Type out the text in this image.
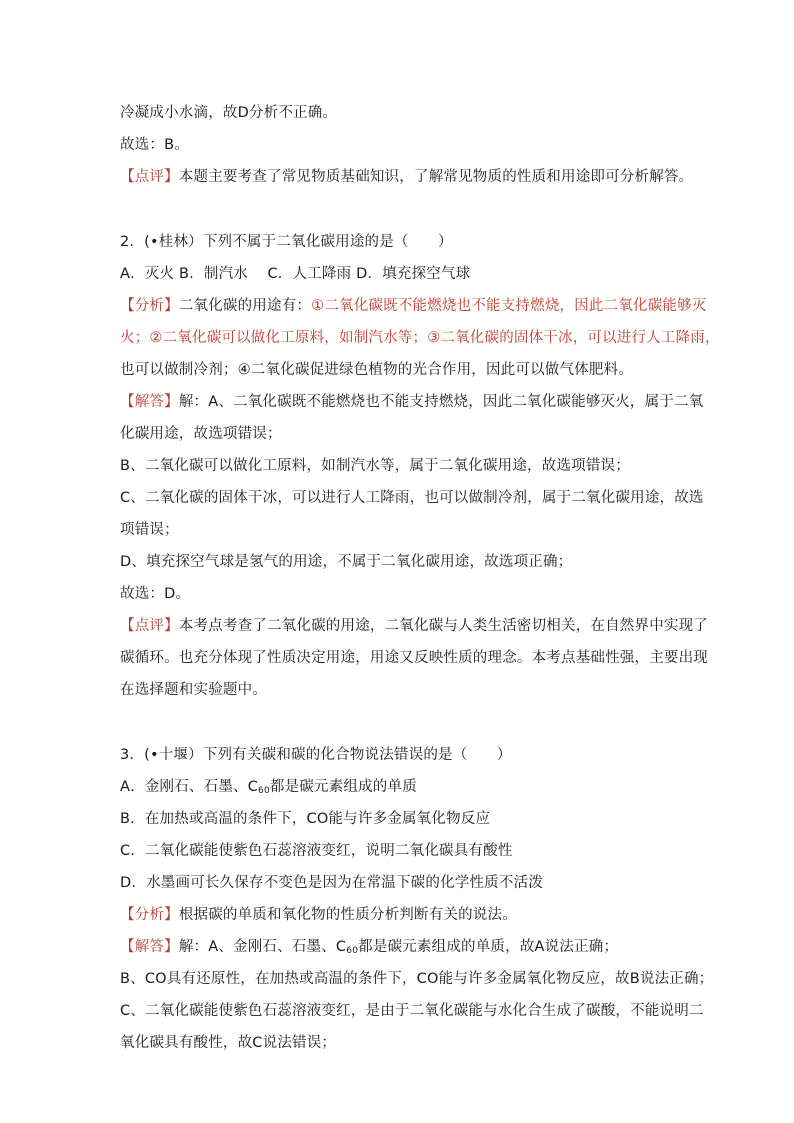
冷凝成小水滴，故D分析不正确。
故选：B。
【点评】本题主要考查了常见物质基础知识，了解常见物质的性质和用途即可分析解答。
2．(•桂林）下列不属于二氧化碳用途的是（　　）
A．灭火 B．制汽水　 C．人工降雨 D．填充探空气球
【分析】二氧化碳的用途有：①二氧化碳既不能燃烧也不能支持燃烧，因此二氧化碳能够灭
火；②二氧化碳可以做化工原料，如制汽水等；③二氧化碳的固体干冰，可以进行人工降雨，
也可以做制冷剂；④二氧化碳促进绿色植物的光合作用，因此可以做气体肥料。
【解答】解：A、二氧化碳既不能燃烧也不能支持燃烧，因此二氧化碳能够灭火，属于二氧
化碳用途，故选项错误；
B、二氧化碳可以做化工原料，如制汽水等，属于二氧化碳用途，故选项错误；
C、二氧化碳的固体干冰，可以进行人工降雨，也可以做制冷剂，属于二氧化碳用途，故选
项错误；
D、填充探空气球是氢气的用途，不属于二氧化碳用途，故选项正确；
故选：D。
【点评】本考点考查了二氧化碳的用途，二氧化碳与人类生活密切相关，在自然界中实现了
碳循环。也充分体现了性质决定用途，用途又反映性质的理念。本考点基础性强，主要出现
在选择题和实验题中。
3．(•十堰）下列有关碳和碳的化合物说法错误的是（　　）
A．金刚石、石墨、$C_{60}$都是碳元素组成的单质
B．在加热或高温的条件下，CO能与许多金属氧化物反应
C．二氧化碳能使紫色石蕊溶液变红，说明二氧化碳具有酸性
D．水墨画可长久保存不变色是因为在常温下碳的化学性质不活泼
【分析】根据碳的单质和氧化物的性质分析判断有关的说法。
【解答】解：A、金刚石、石墨、$C_{60}$都是碳元素组成的单质，故A说法正确；
B、CO具有还原性，在加热或高温的条件下，CO能与许多金属氧化物反应，故B说法正确；
C、二氧化碳能使紫色石蕊溶液变红，是由于二氧化碳能与水化合生成了碳酸，不能说明二
氧化碳具有酸性，故C说法错误；
